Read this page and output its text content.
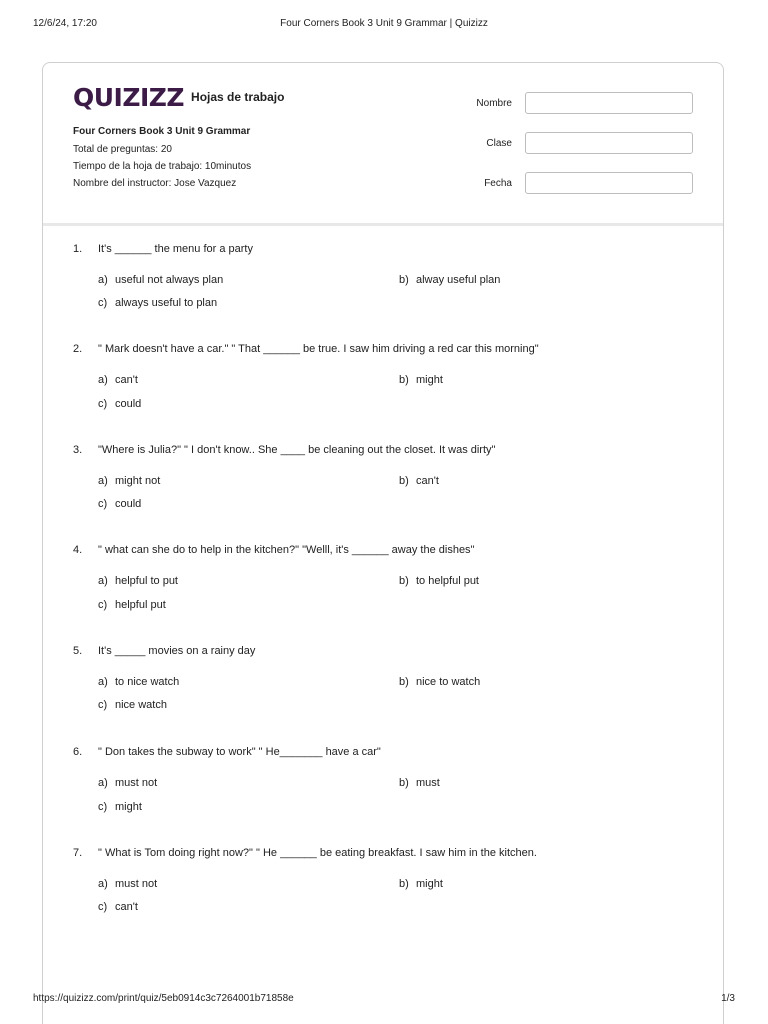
12/6/24, 17:20	Four Corners Book 3 Unit 9 Grammar | Quizizz
QUIZIZZ Hojas de trabajo
Four Corners Book 3 Unit 9 Grammar
Total de preguntas: 20
Tiempo de la hoja de trabajo: 10minutos
Nombre del instructor: Jose Vazquez
Nombre
Clase
Fecha
1. It's ______ the menu for a party
a) useful not always plan	b) alway useful plan
c) always useful to plan
2. " Mark doesn't have a car." " That ______ be true. I saw him driving a red car this morning"
a) can't	b) might
c) could
3. "Where is Julia?" " I don't know.. She ____ be cleaning out the closet. It was dirty"
a) might not	b) can't
c) could
4. " what can she do to help in the kitchen?" "Welll, it's ______ away the dishes"
a) helpful to put	b) to helpful put
c) helpful put
5. It's _____ movies on a rainy day
a) to nice watch	b) nice to watch
c) nice watch
6. " Don takes the subway to work" " He_______ have a car"
a) must not	b) must
c) might
7. " What is Tom doing right now?" " He ______ be eating breakfast. I saw him in the kitchen.
a) must not	b) might
c) can't
https://quizizz.com/print/quiz/5eb0914c3c7264001b71858e	1/3
